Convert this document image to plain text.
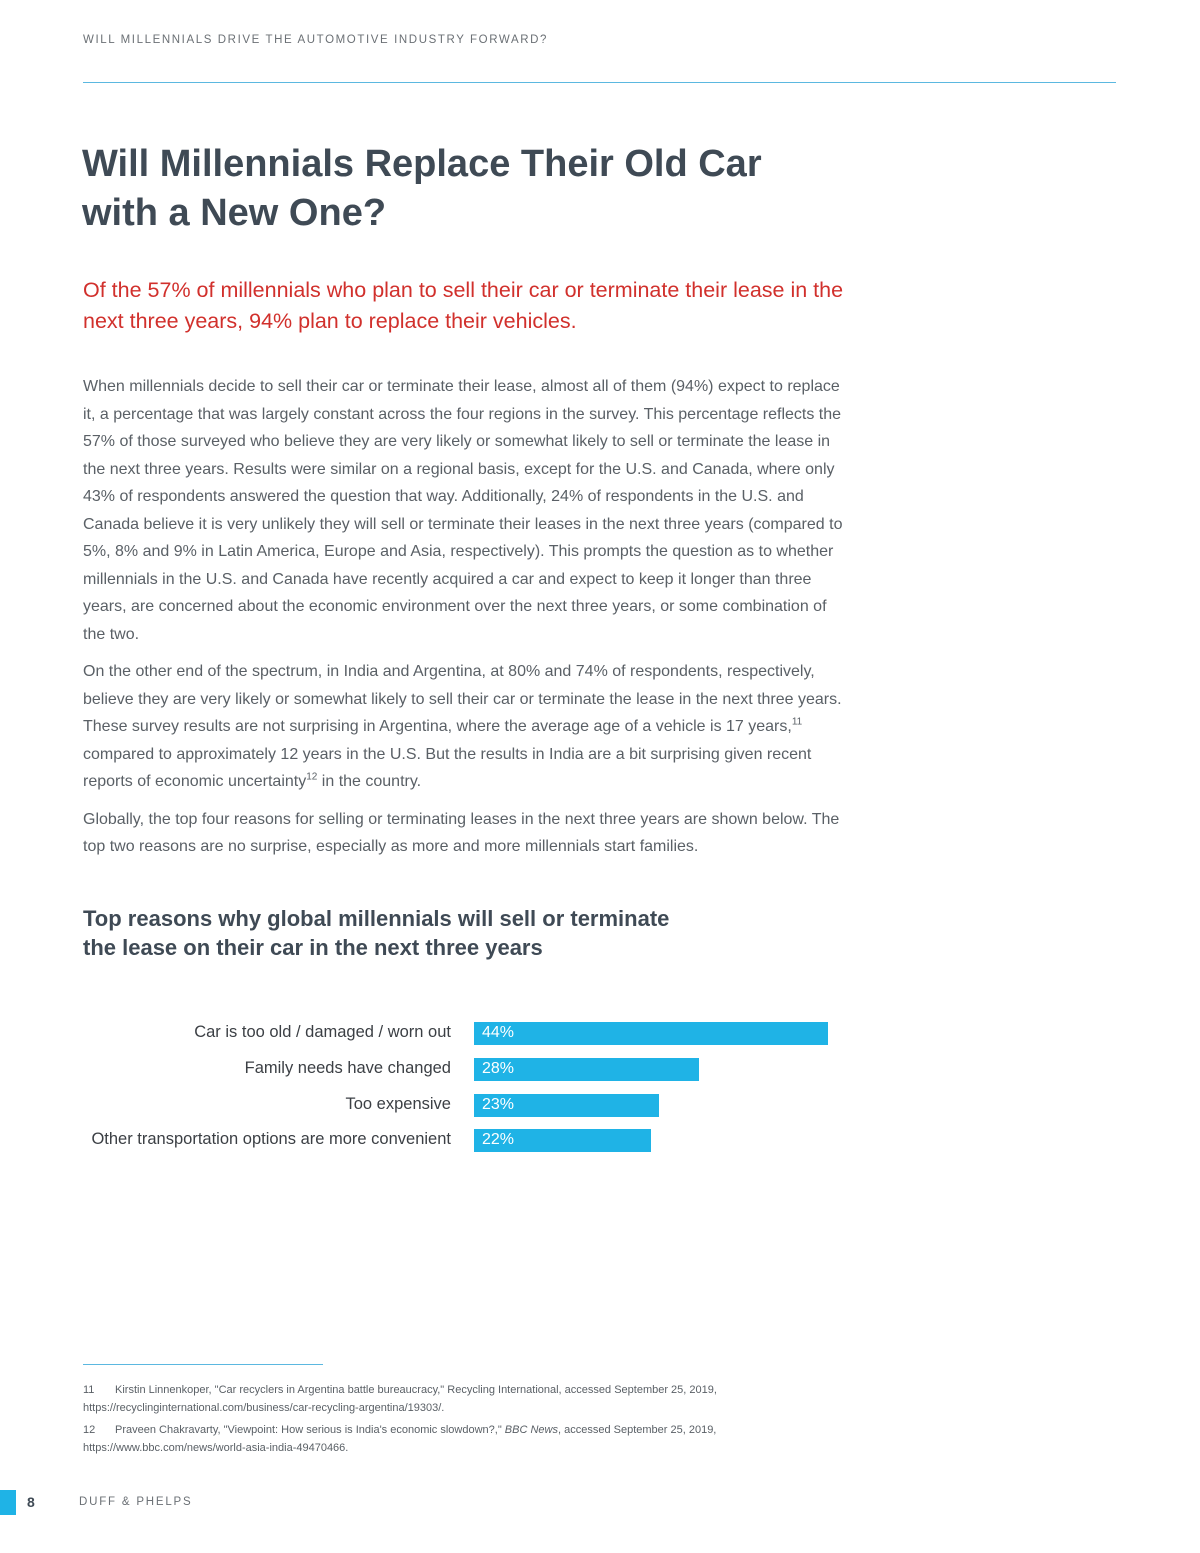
WILL MILLENNIALS DRIVE THE AUTOMOTIVE INDUSTRY FORWARD?
Will Millennials Replace Their Old Car
with a New One?

Of the 57% of millennials who plan to sell their car or terminate their lease in the next three years, 94% plan to replace their vehicles.

When millennials decide to sell their car or terminate their lease, almost all of them (94%) expect to replace it, a percentage that was largely constant across the four regions in the survey. This percentage reflects the 57% of those surveyed who believe they are very likely or somewhat likely to sell or terminate the lease in the next three years. Results were similar on a regional basis, except for the U.S. and Canada, where only 43% of respondents answered the question that way. Additionally, 24% of respondents in the U.S. and Canada believe it is very unlikely they will sell or terminate their leases in the next three years (compared to 5%, 8% and 9% in Latin America, Europe and Asia, respectively). This prompts the question as to whether millennials in the U.S. and Canada have recently acquired a car and expect to keep it longer than three years, are concerned about the economic environment over the next three years, or some combination of the two.

On the other end of the spectrum, in India and Argentina, at 80% and 74% of respondents, respectively, believe they are very likely or somewhat likely to sell their car or terminate the lease in the next three years. These survey results are not surprising in Argentina, where the average age of a vehicle is 17 years,$^{11}$ compared to approximately 12 years in the U.S. But the results in India are a bit surprising given recent reports of economic uncertainty$^{12}$ in the country.

Globally, the top four reasons for selling or terminating leases in the next three years are shown below. The top two reasons are no surprise, especially as more and more millennials start families.

Top reasons why global millennials will sell or terminate
the lease on their car in the next three years
Car is too old / damaged / worn out 44%
Family needs have changed 28%
Too expensive 23%
Other transportation options are more convenient 22%

11 Kirstin Linnenkoper, "Car recyclers in Argentina battle bureaucracy," Recycling International, accessed September 25, 2019, https://recyclinginternational.com/business/car-recycling-argentina/19303/.

12 Praveen Chakravarty, "Viewpoint: How serious is India's economic slowdown?," BBC News, accessed September 25, 2019, https://www.bbc.com/news/world-asia-india-49470466.

8	DUFF & PHELPS
